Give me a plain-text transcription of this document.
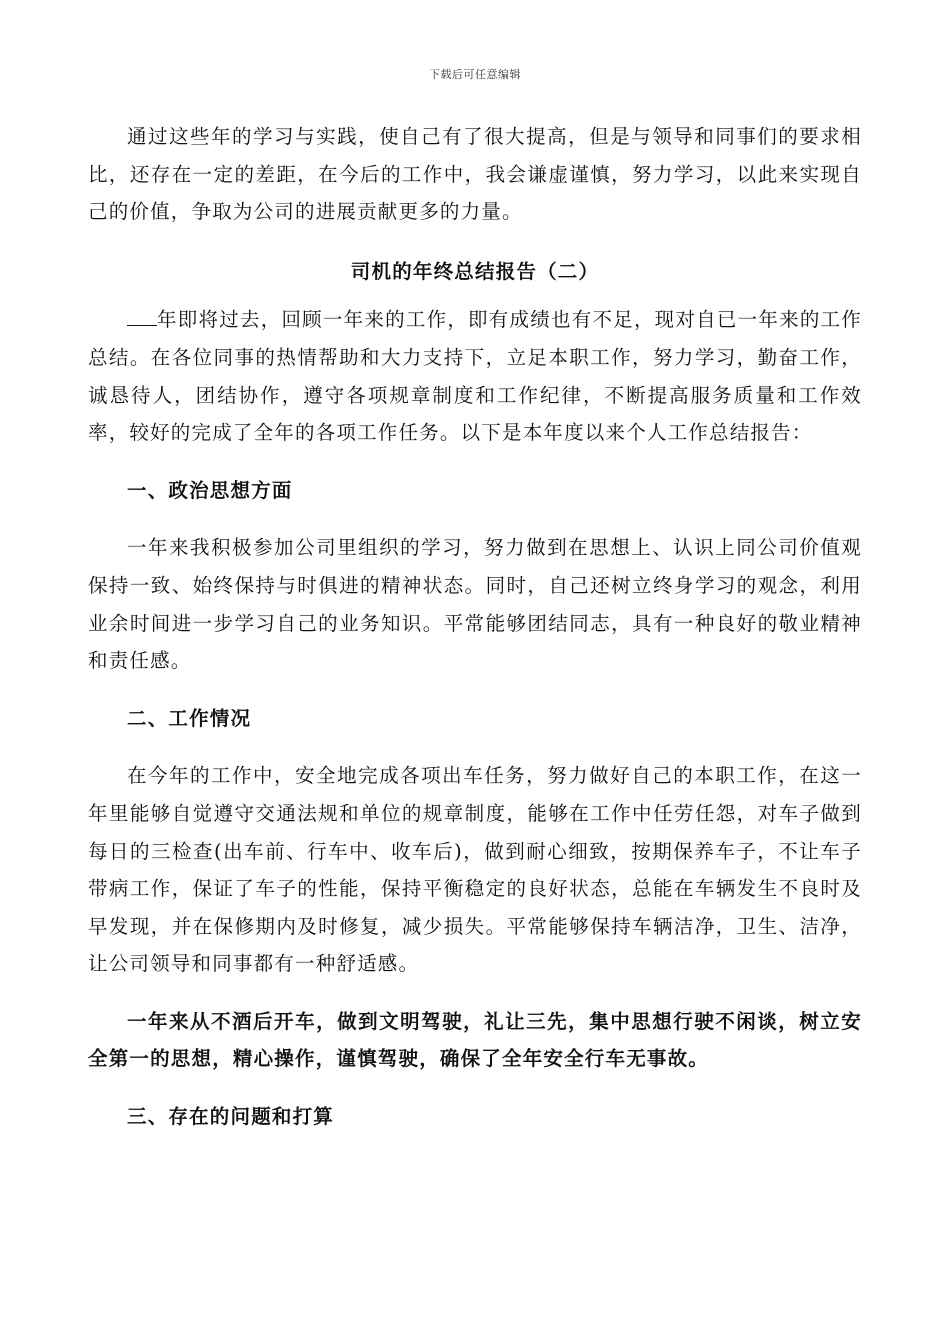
下载后可任意编辑

通过这些年的学习与实践，使自己有了很大提高，但是与领导和同事们的要求相比，还存在一定的差距，在今后的工作中，我会谦虚谨慎，努力学习，以此来实现自己的价值，争取为公司的进展贡献更多的力量。

司机的年终总结报告（二）

年即将过去，回顾一年来的工作，即有成绩也有不足，现对自已一年来的工作总结。在各位同事的热情帮助和大力支持下，立足本职工作，努力学习，勤奋工作，诚恳待人，团结协作，遵守各项规章制度和工作纪律，不断提高服务质量和工作效率，较好的完成了全年的各项工作任务。以下是本年度以来个人工作总结报告：

一、政治思想方面

一年来我积极参加公司里组织的学习，努力做到在思想上、认识上同公司价值观保持一致、始终保持与时俱进的精神状态。同时，自己还树立终身学习的观念，利用业余时间进一步学习自己的业务知识。平常能够团结同志，具有一种良好的敬业精神和责任感。

二、工作情况

在今年的工作中，安全地完成各项出车任务，努力做好自己的本职工作，在这一年里能够自觉遵守交通法规和单位的规章制度，能够在工作中任劳任怨，对车子做到每日的三检查(出车前、行车中、收车后)，做到耐心细致，按期保养车子，不让车子带病工作，保证了车子的性能，保持平衡稳定的良好状态，总能在车辆发生不良时及早发现，并在保修期内及时修复，减少损失。平常能够保持车辆洁净，卫生、洁净，让公司领导和同事都有一种舒适感。

一年来从不酒后开车，做到文明驾驶，礼让三先，集中思想行驶不闲谈，树立安全第一的思想，精心操作，谨慎驾驶，确保了全年安全行车无事故。

三、存在的问题和打算
